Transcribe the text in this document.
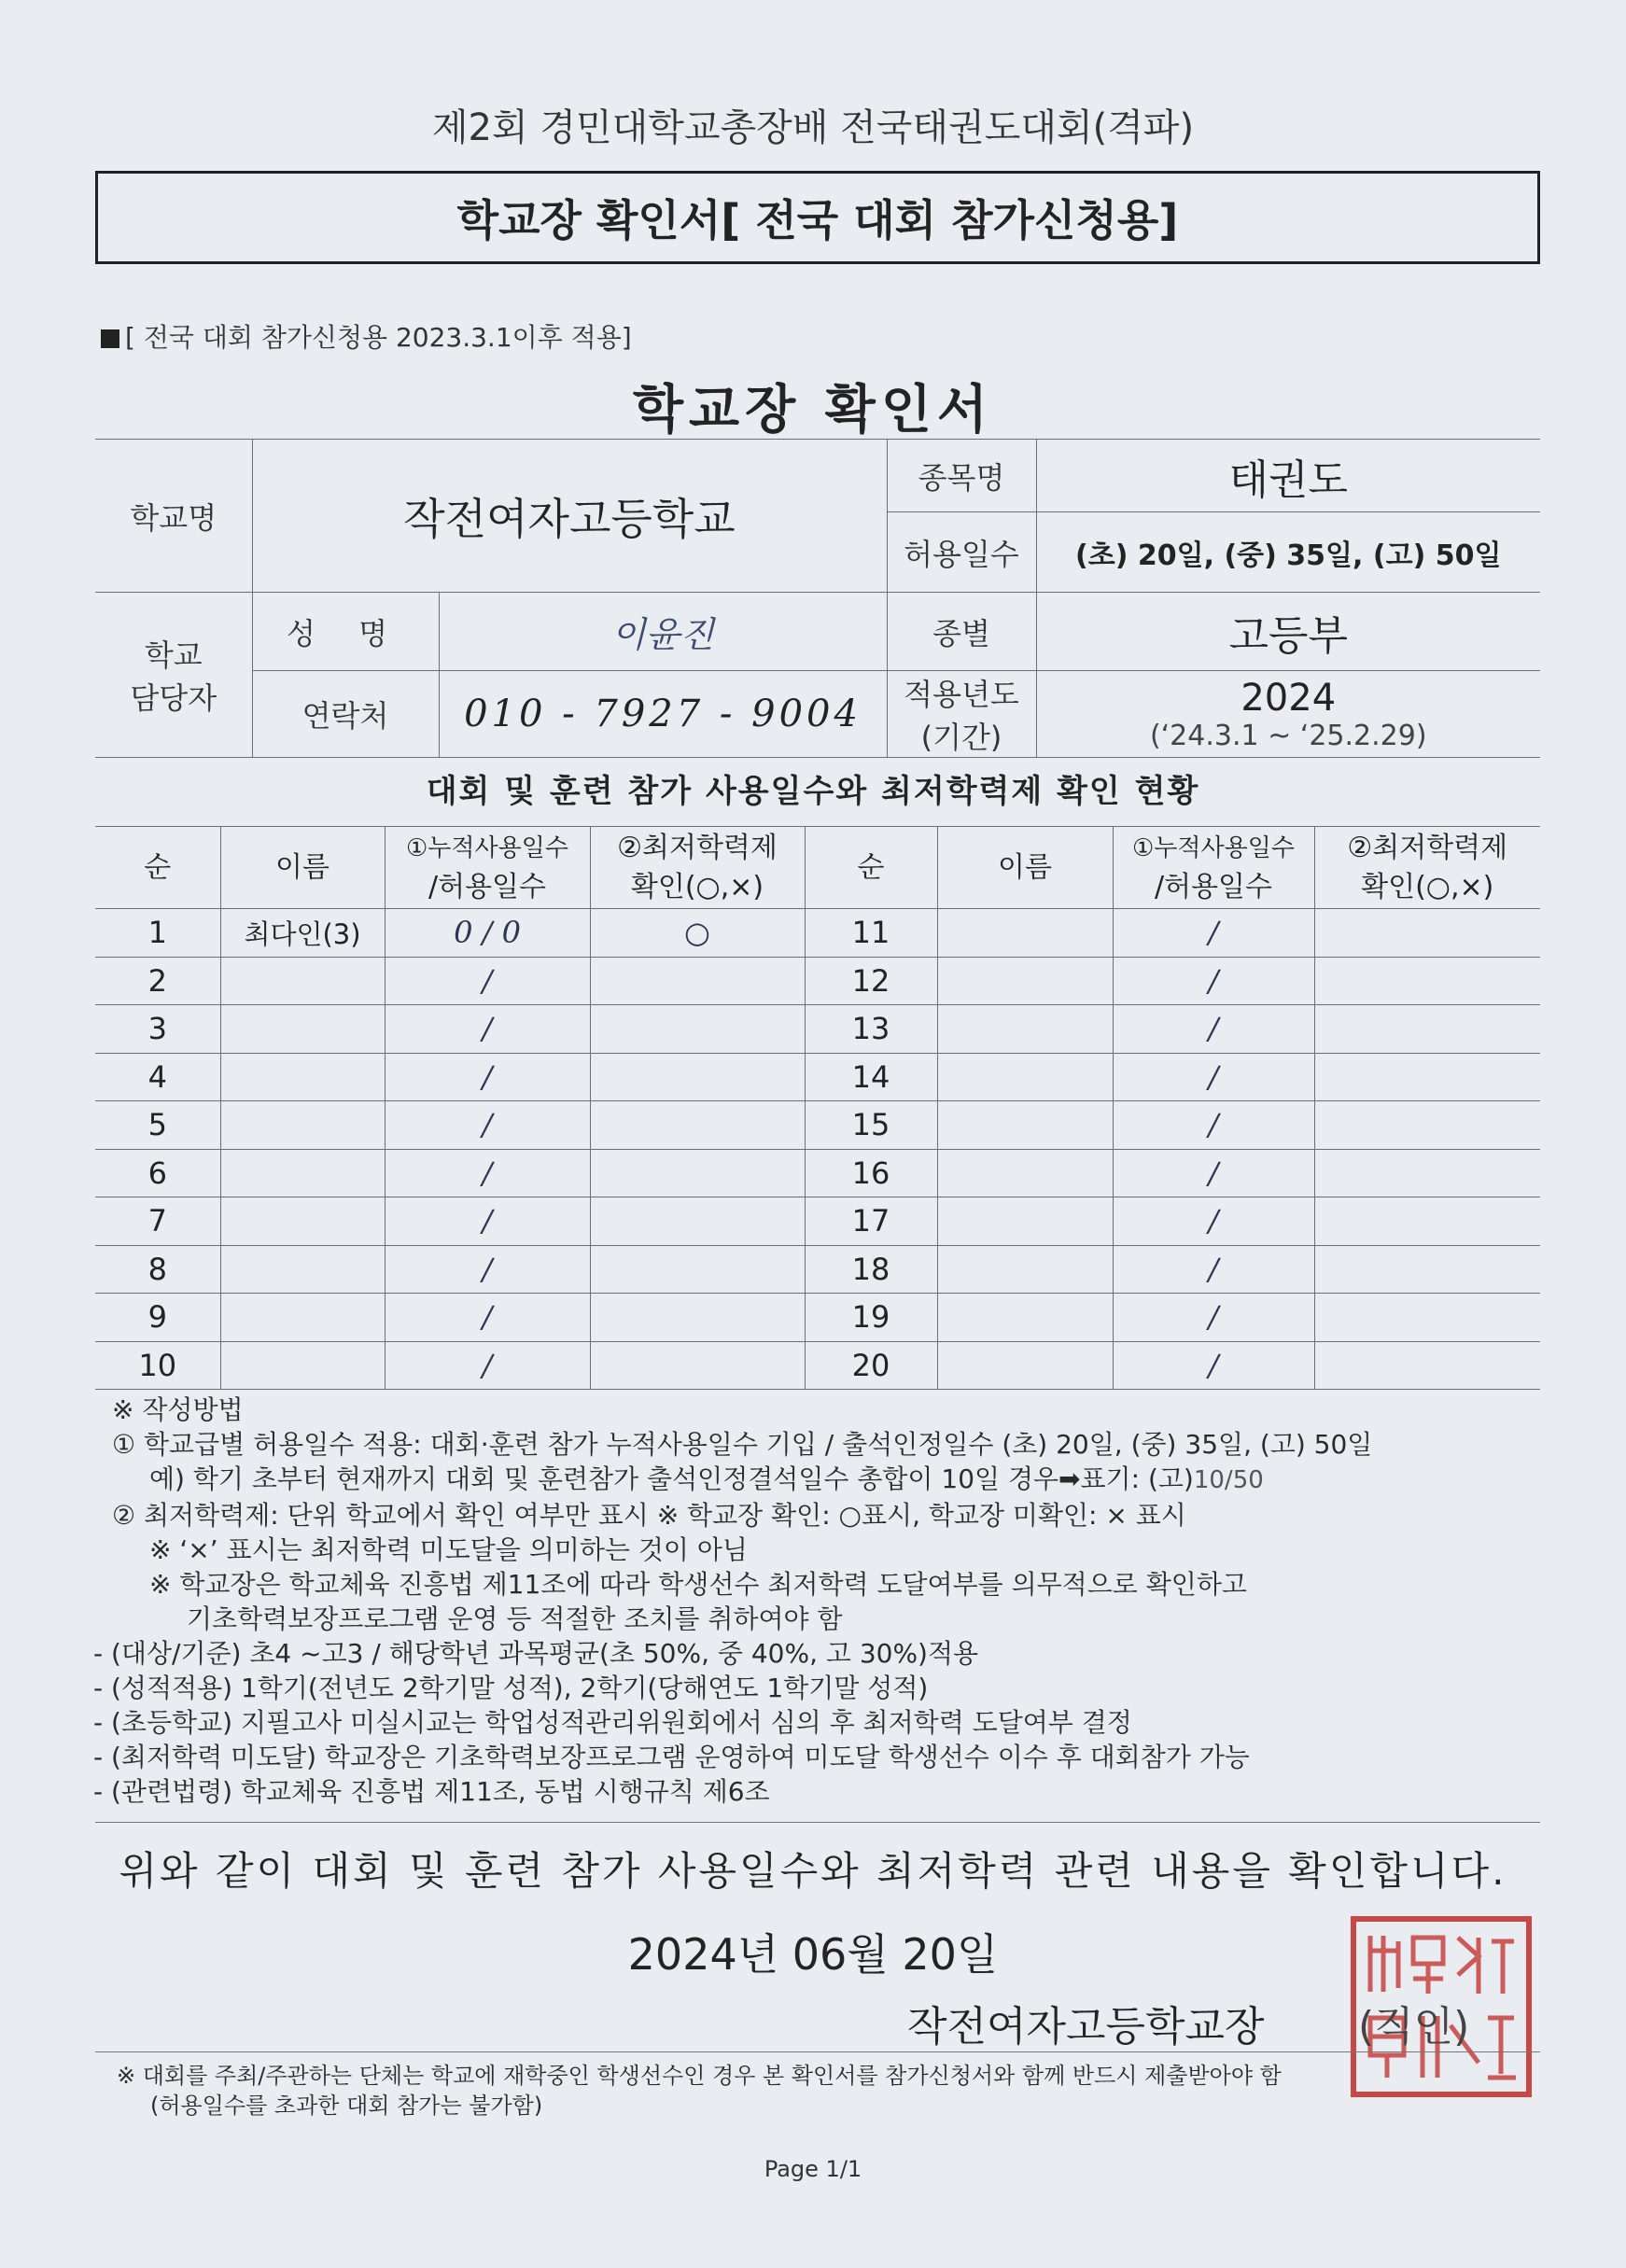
제2회 경민대학교총장배 전국태권도대회(격파)
학교장 확인서[ 전국 대회 참가신청용]
[ 전국 대회 참가신청용 2023.3.1이후 적용]
학교장 확인서
학교명	작전여자고등학교		종목명	태권도
			허용일수	(초) 20일, (중) 35일, (고) 50일

학교
담당자	성 명	이윤진	종별	고등부
	연락처	010 - 7927 - 9004	적용년도
(기간)	2024
(‘24.3.1 ~ ‘25.2.29)
대회 및 훈련 참가 사용일수와 최저학력제 확인 현황
순	이름	①누적사용일수
/허용일수	②최저학력제
확인(○,×)	순	이름	①누적사용일수
/허용일수	②최저학력제
확인(○,×)

1	최다인(3)	0 / 0	○	11		/	
2		/		12		/	
3		/		13		/	
4		/		14		/	
5		/		15		/	
6		/		16		/	
7		/		17		/	
8		/		18		/	
9		/		19		/	
10		/		20		/	

※ 작성방법

① 학교급별 허용일수 적용: 대회·훈련 참가 누적사용일수 기입 / 출석인정일수 (초) 20일, (중) 35일, (고) 50일

예) 학기 초부터 현재까지 대회 및 훈련참가 출석인정결석일수 총합이 10일 경우➡표기: (고)10/50

② 최저학력제: 단위 학교에서 확인 여부만 표시 ※ 학교장 확인: ○표시, 학교장 미확인: × 표시

※ ‘×’ 표시는 최저학력 미도달을 의미하는 것이 아님

※ 학교장은 학교체육 진흥법 제11조에 따라 학생선수 최저학력 도달여부를 의무적으로 확인하고

기초학력보장프로그램 운영 등 적절한 조치를 취하여야 함

- (대상/기준) 초4 ~고3 / 해당학년 과목평균(초 50%, 중 40%, 고 30%)적용

- (성적적용) 1학기(전년도 2학기말 성적), 2학기(당해연도 1학기말 성적)

- (초등학교) 지필고사 미실시교는 학업성적관리위원회에서 심의 후 최저학력 도달여부 결정

- (최저학력 미도달) 학교장은 기초학력보장프로그램 운영하여 미도달 학생선수 이수 후 대회참가 가능

- (관련법령) 학교체육 진흥법 제11조, 동법 시행규칙 제6조

위와 같이 대회 및 훈련 참가 사용일수와 최저학력 관련 내용을 확인합니다.
2024년 06월 20일
작전여자고등학교장 (직인)

※ 대회를 주최/주관하는 단체는 학교에 재학중인 학생선수인 경우 본 확인서를 참가신청서와 함께 반드시 제출받아야 함

(허용일수를 초과한 대회 참가는 불가함)

Page 1/1
